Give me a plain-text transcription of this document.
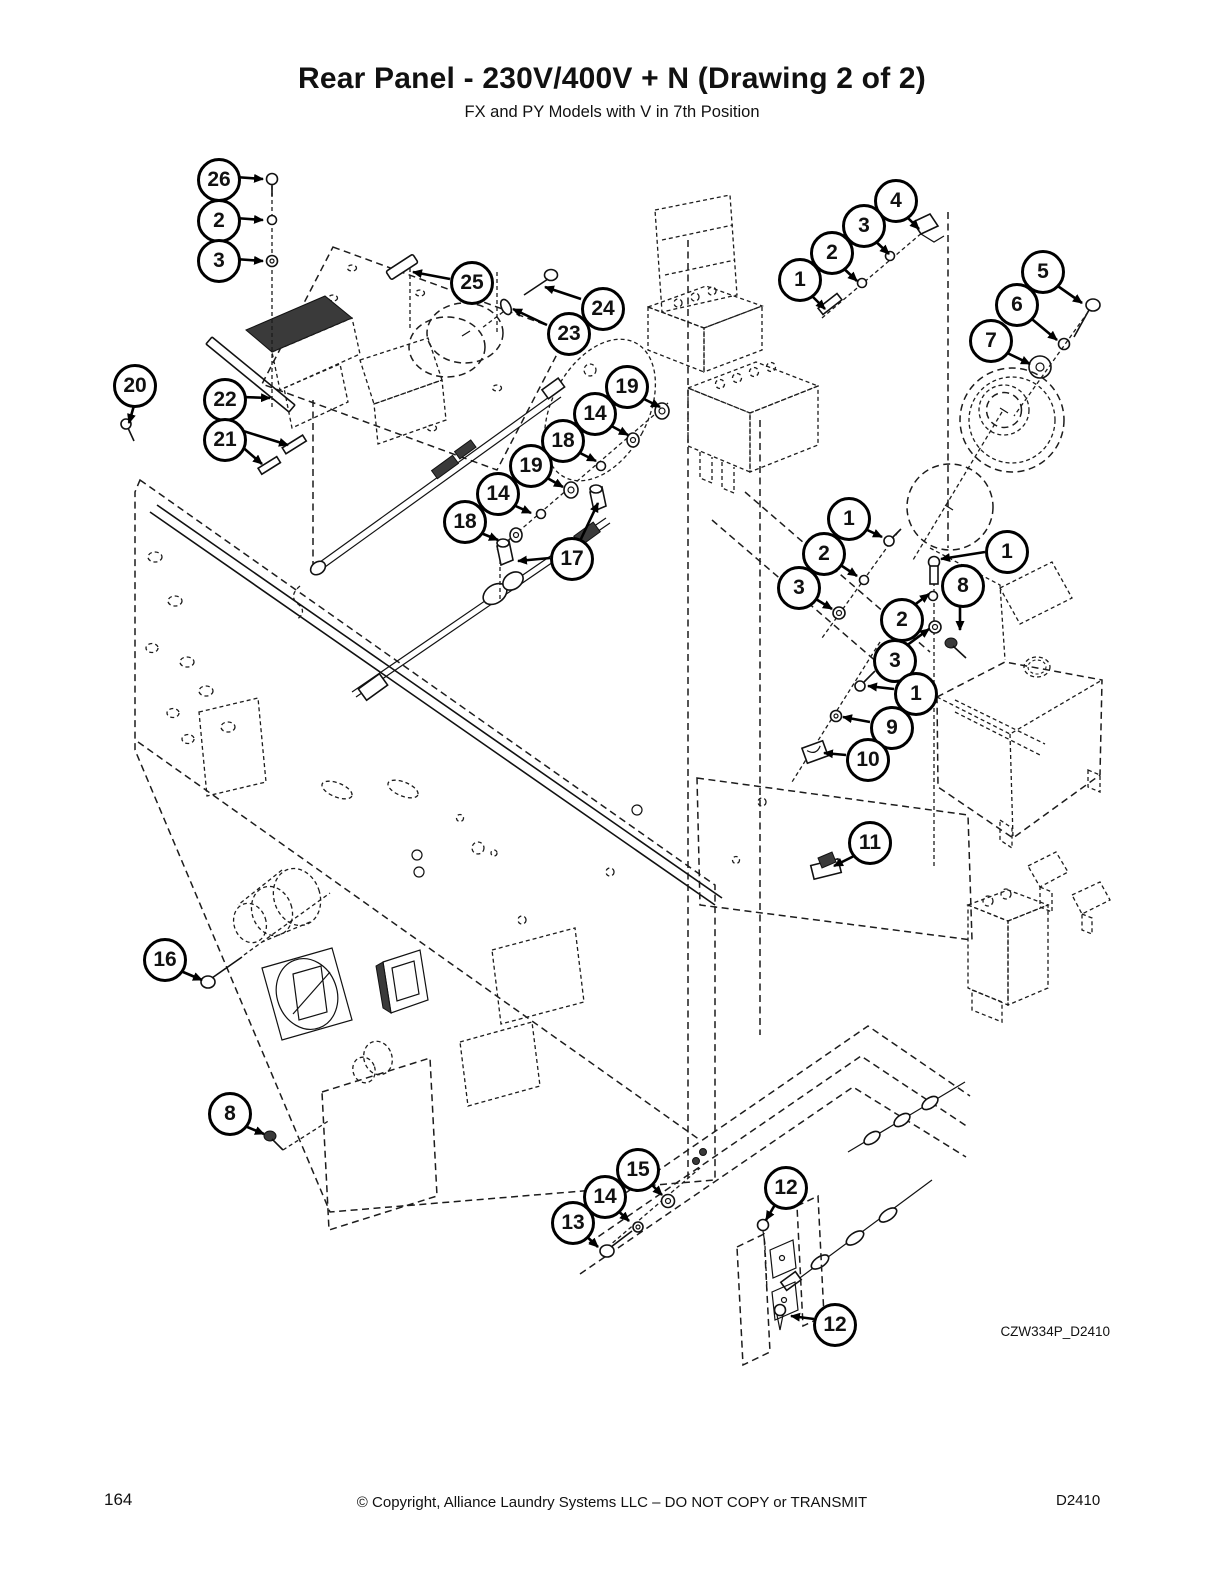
Rear Panel - 230V/400V + N (Drawing 2 of 2)
FX and PY Models with V in 7th Position
26
2
3
25
24
23
4
3
2
1	5
6
7
20
22
21
19
14
18
19
14
18
17
1
2
3
1
8
2
3
1
9
10
11
16
8
15
14
13
12
12	CZW334P_D2410
164	© Copyright, Alliance Laundry Systems LLC – DO NOT COPY or TRANSMIT	D2410
